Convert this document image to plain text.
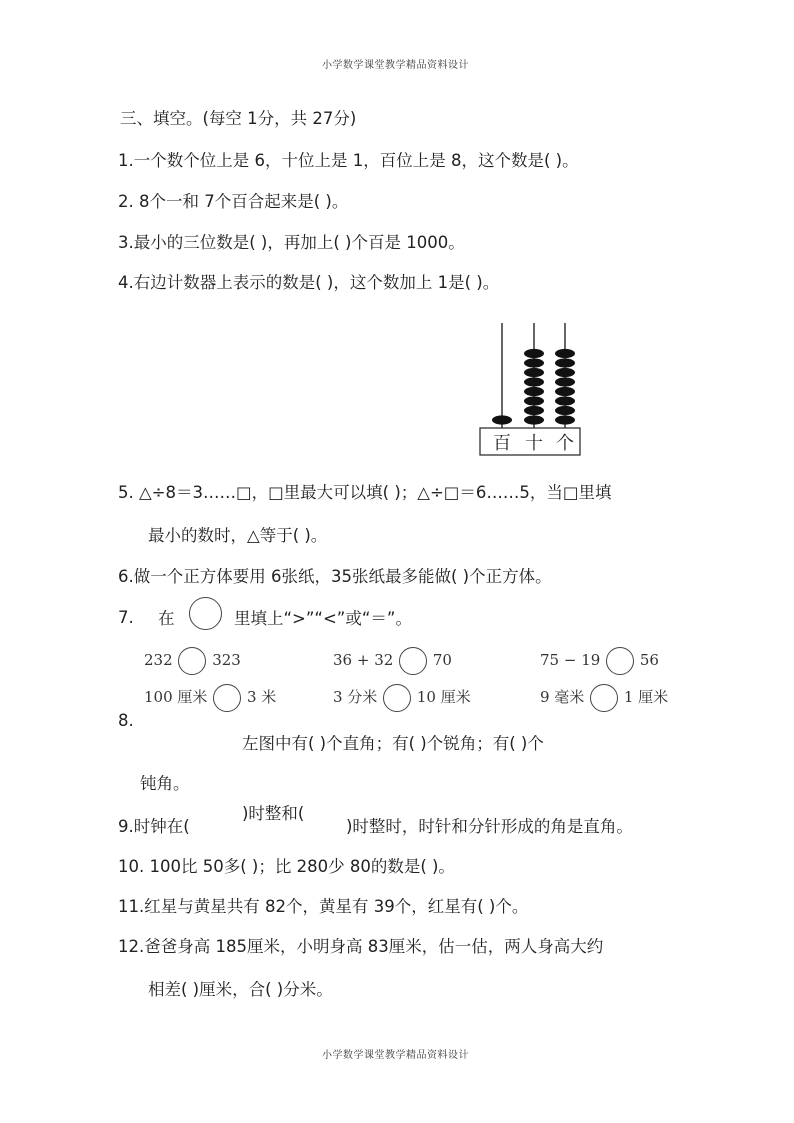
小学数学课堂教学精品资料设计
三、填空。(每空 1分，共 27分)
1.一个数个位上是 6，十位上是 1，百位上是 8，这个数是( )。
2. 8个一和 7个百合起来是( )。
3.最小的三位数是( )，再加上( )个百是 1000。
4.右边计数器上表示的数是( )，这个数加上 1是( )。
百 十 个
5. △÷8＝3……□，□里最大可以填( )；△÷□＝6……5，当□里填
最小的数时，△等于( )。
6.做一个正方体要用 6张纸，35张纸最多能做( )个正方体。
7. 在	里填上“>”“<”或“＝”。
232	323	36 + 32	70	75 − 19	56
100 厘米	3 米	3 分米	10 厘米	9 毫米	1 厘米
8.
左图中有( )个直角；有( )个锐角；有( )个
钝角。
9.时钟在(
)时整和(
)时整时，时针和分针形成的角是直角。
10. 100比 50多( )；比 280少 80的数是( )。
11.红星与黄星共有 82个，黄星有 39个，红星有( )个。
12.爸爸身高 185厘米，小明身高 83厘米，估一估，两人身高大约
相差( )厘米，合( )分米。
小学数学课堂教学精品资料设计
